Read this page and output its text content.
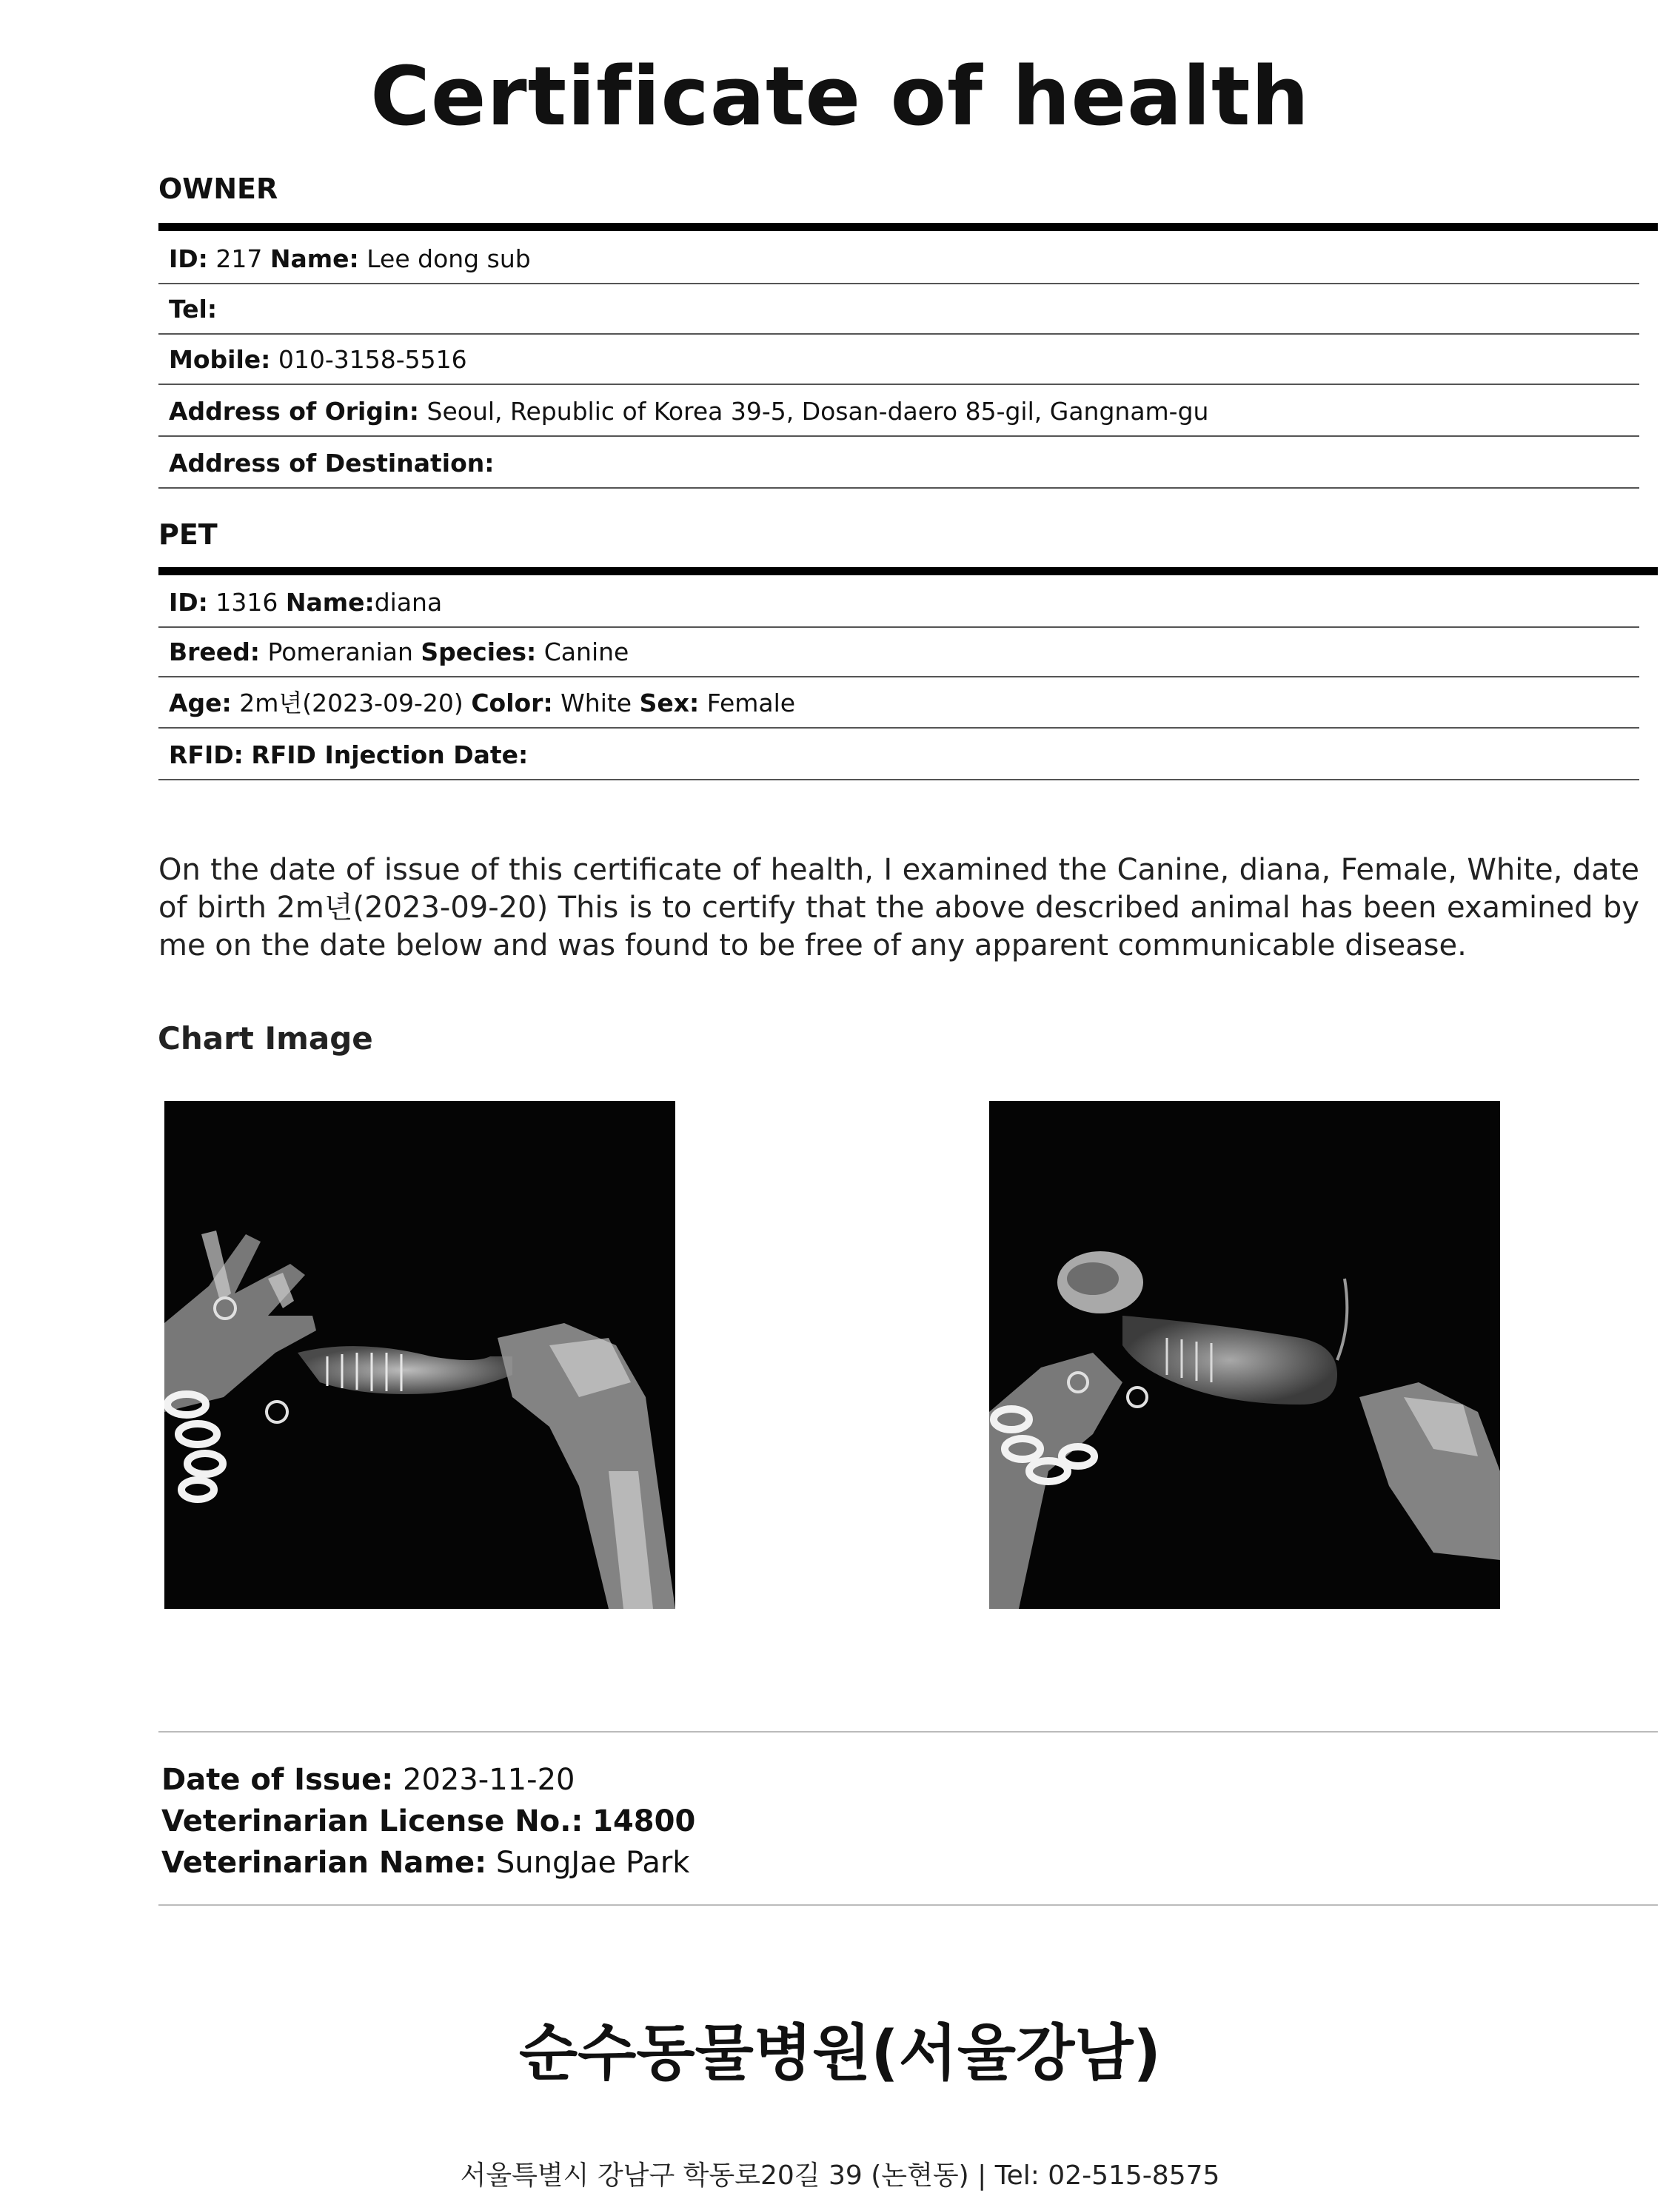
Certificate of health
OWNER
ID: 217 Name: Lee dong sub
Tel:
Mobile: 010-3158-5516
Address of Origin: Seoul, Republic of Korea 39-5, Dosan-daero 85-gil, Gangnam-gu
Address of Destination:
PET
ID: 1316 Name:diana
Breed: Pomeranian Species: Canine
Age: 2m년(2023-09-20) Color: White Sex: Female
RFID: RFID Injection Date:
On the date of issue of this certificate of health, I examined the Canine, diana, Female, White, date of birth 2m년(2023-09-20) This is to certify that the above described animal has been examined by me on the date below and was found to be free of any apparent communicable disease.
Chart Image
Date of Issue: 2023-11-20
Veterinarian License No.: 14800
Veterinarian Name: SungJae Park
순수동물병원(서울강남)
서울특별시 강남구 학동로20길 39 (논현동) | Tel: 02-515-8575
